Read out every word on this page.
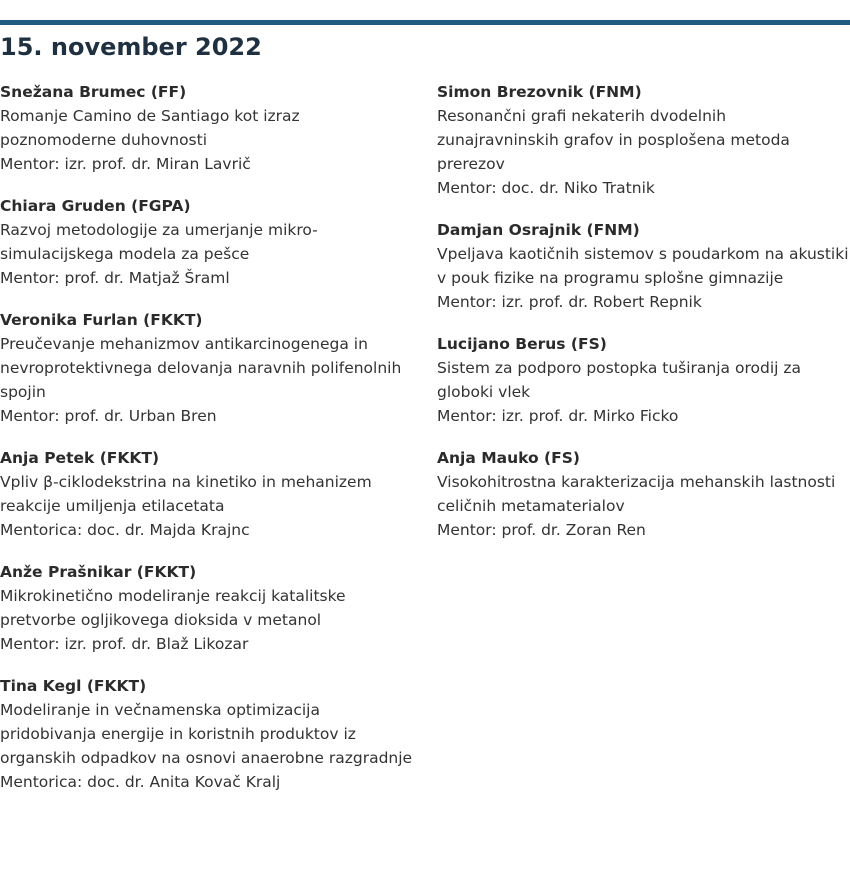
15. november 2022
Snežana Brumec (FF)
Romanje Camino de Santiago kot izraz poznomoderne duhovnosti
Mentor: izr. prof. dr. Miran Lavrič
Chiara Gruden (FGPA)
Razvoj metodologije za umerjanje mikro-simulacijskega modela za pešce
Mentor: prof. dr. Matjaž Šraml
Veronika Furlan (FKKT)
Preučevanje mehanizmov antikarcinogenega in nevroprotektivnega delovanja naravnih polifenolnih spojin
Mentor: prof. dr. Urban Bren
Anja Petek (FKKT)
Vpliv β-ciklodekstrina na kinetiko in mehanizem reakcije umiljenja etilacetata
Mentorica: doc. dr. Majda Krajnc
Anže Prašnikar (FKKT)
Mikrokinetično modeliranje reakcij katalitske pretvorbe ogljikovega dioksida v metanol
Mentor: izr. prof. dr. Blaž Likozar
Tina Kegl (FKKT)
Modeliranje in večnamenska optimizacija pridobivanja energije in koristnih produktov iz organskih odpadkov na osnovi anaerobne razgradnje
Mentorica: doc. dr. Anita Kovač Kralj
Simon Brezovnik (FNM)
Resonančni grafi nekaterih dvodelnih zunajravninskih grafov in posplošena metoda prerezov
Mentor: doc. dr. Niko Tratnik
Damjan Osrajnik (FNM)
Vpeljava kaotičnih sistemov s poudarkom na akustiki v pouk fizike na programu splošne gimnazije
Mentor: izr. prof. dr. Robert Repnik
Lucijano Berus (FS)
Sistem za podporo postopka tuširanja orodij za globoki vlek
Mentor: izr. prof. dr. Mirko Ficko
Anja Mauko (FS)
Visokohitrostna karakterizacija mehanskih lastnosti celičnih metamaterialov
Mentor: prof. dr. Zoran Ren
